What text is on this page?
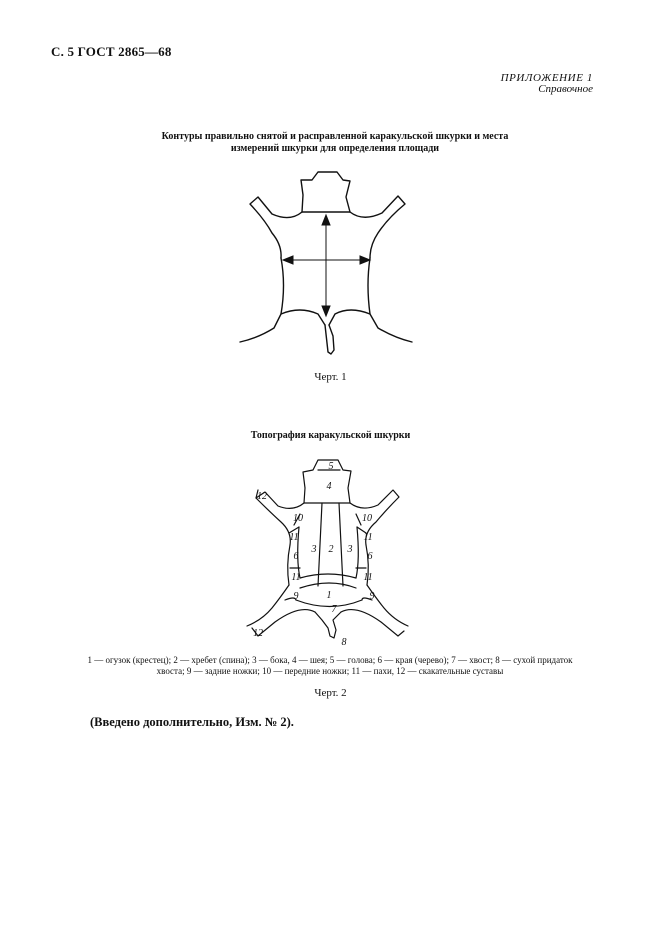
С. 5 ГОСТ 2865—68
ПРИЛОЖЕНИЕ 1
Справочное
Контуры правильно снятой и расправленной каракульской шкурки и места
измерений шкурки для определения площади
Черт. 1
Топография каракульской шкурки
5
4
12
10	10
11	11
3 2 3
6	6
11	11
1
9	9
7
12
8
1 — огузок (крестец); 2 — хребет (спина); 3 — бока, 4 — шея; 5 — голова; 6 — края (черево); 7 — хвост; 8 — сухой придаток
хвоста; 9 — задние ножки; 10 — передние ножки; 11 — пахи, 12 — скакательные суставы
Черт. 2
(Введено дополнительно, Изм. № 2).
